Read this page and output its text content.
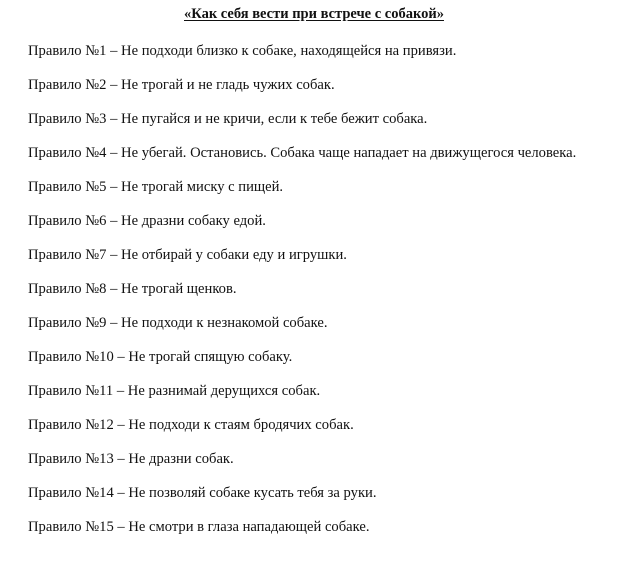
«Как себя вести при встрече с собакой»
Правило №1 – Не подходи близко к собаке, находящейся на привязи.
Правило №2 – Не трогай и не гладь чужих собак.
Правило №3 – Не пугайся и не кричи, если к тебе бежит собака.
Правило №4 – Не убегай. Остановись. Собака чаще нападает на движущегося человека.
Правило №5 – Не трогай миску с пищей.
Правило №6 – Не дразни собаку едой.
Правило №7 – Не отбирай у собаки еду и игрушки.
Правило №8 – Не трогай щенков.
Правило №9 – Не подходи к незнакомой собаке.
Правило №10 – Не трогай спящую собаку.
Правило №11 – Не разнимай дерущихся собак.
Правило №12 – Не подходи к стаям бродячих собак.
Правило №13 – Не дразни собак.
Правило №14 – Не позволяй собаке кусать тебя за руки.
Правило №15 – Не смотри в глаза нападающей собаке.
